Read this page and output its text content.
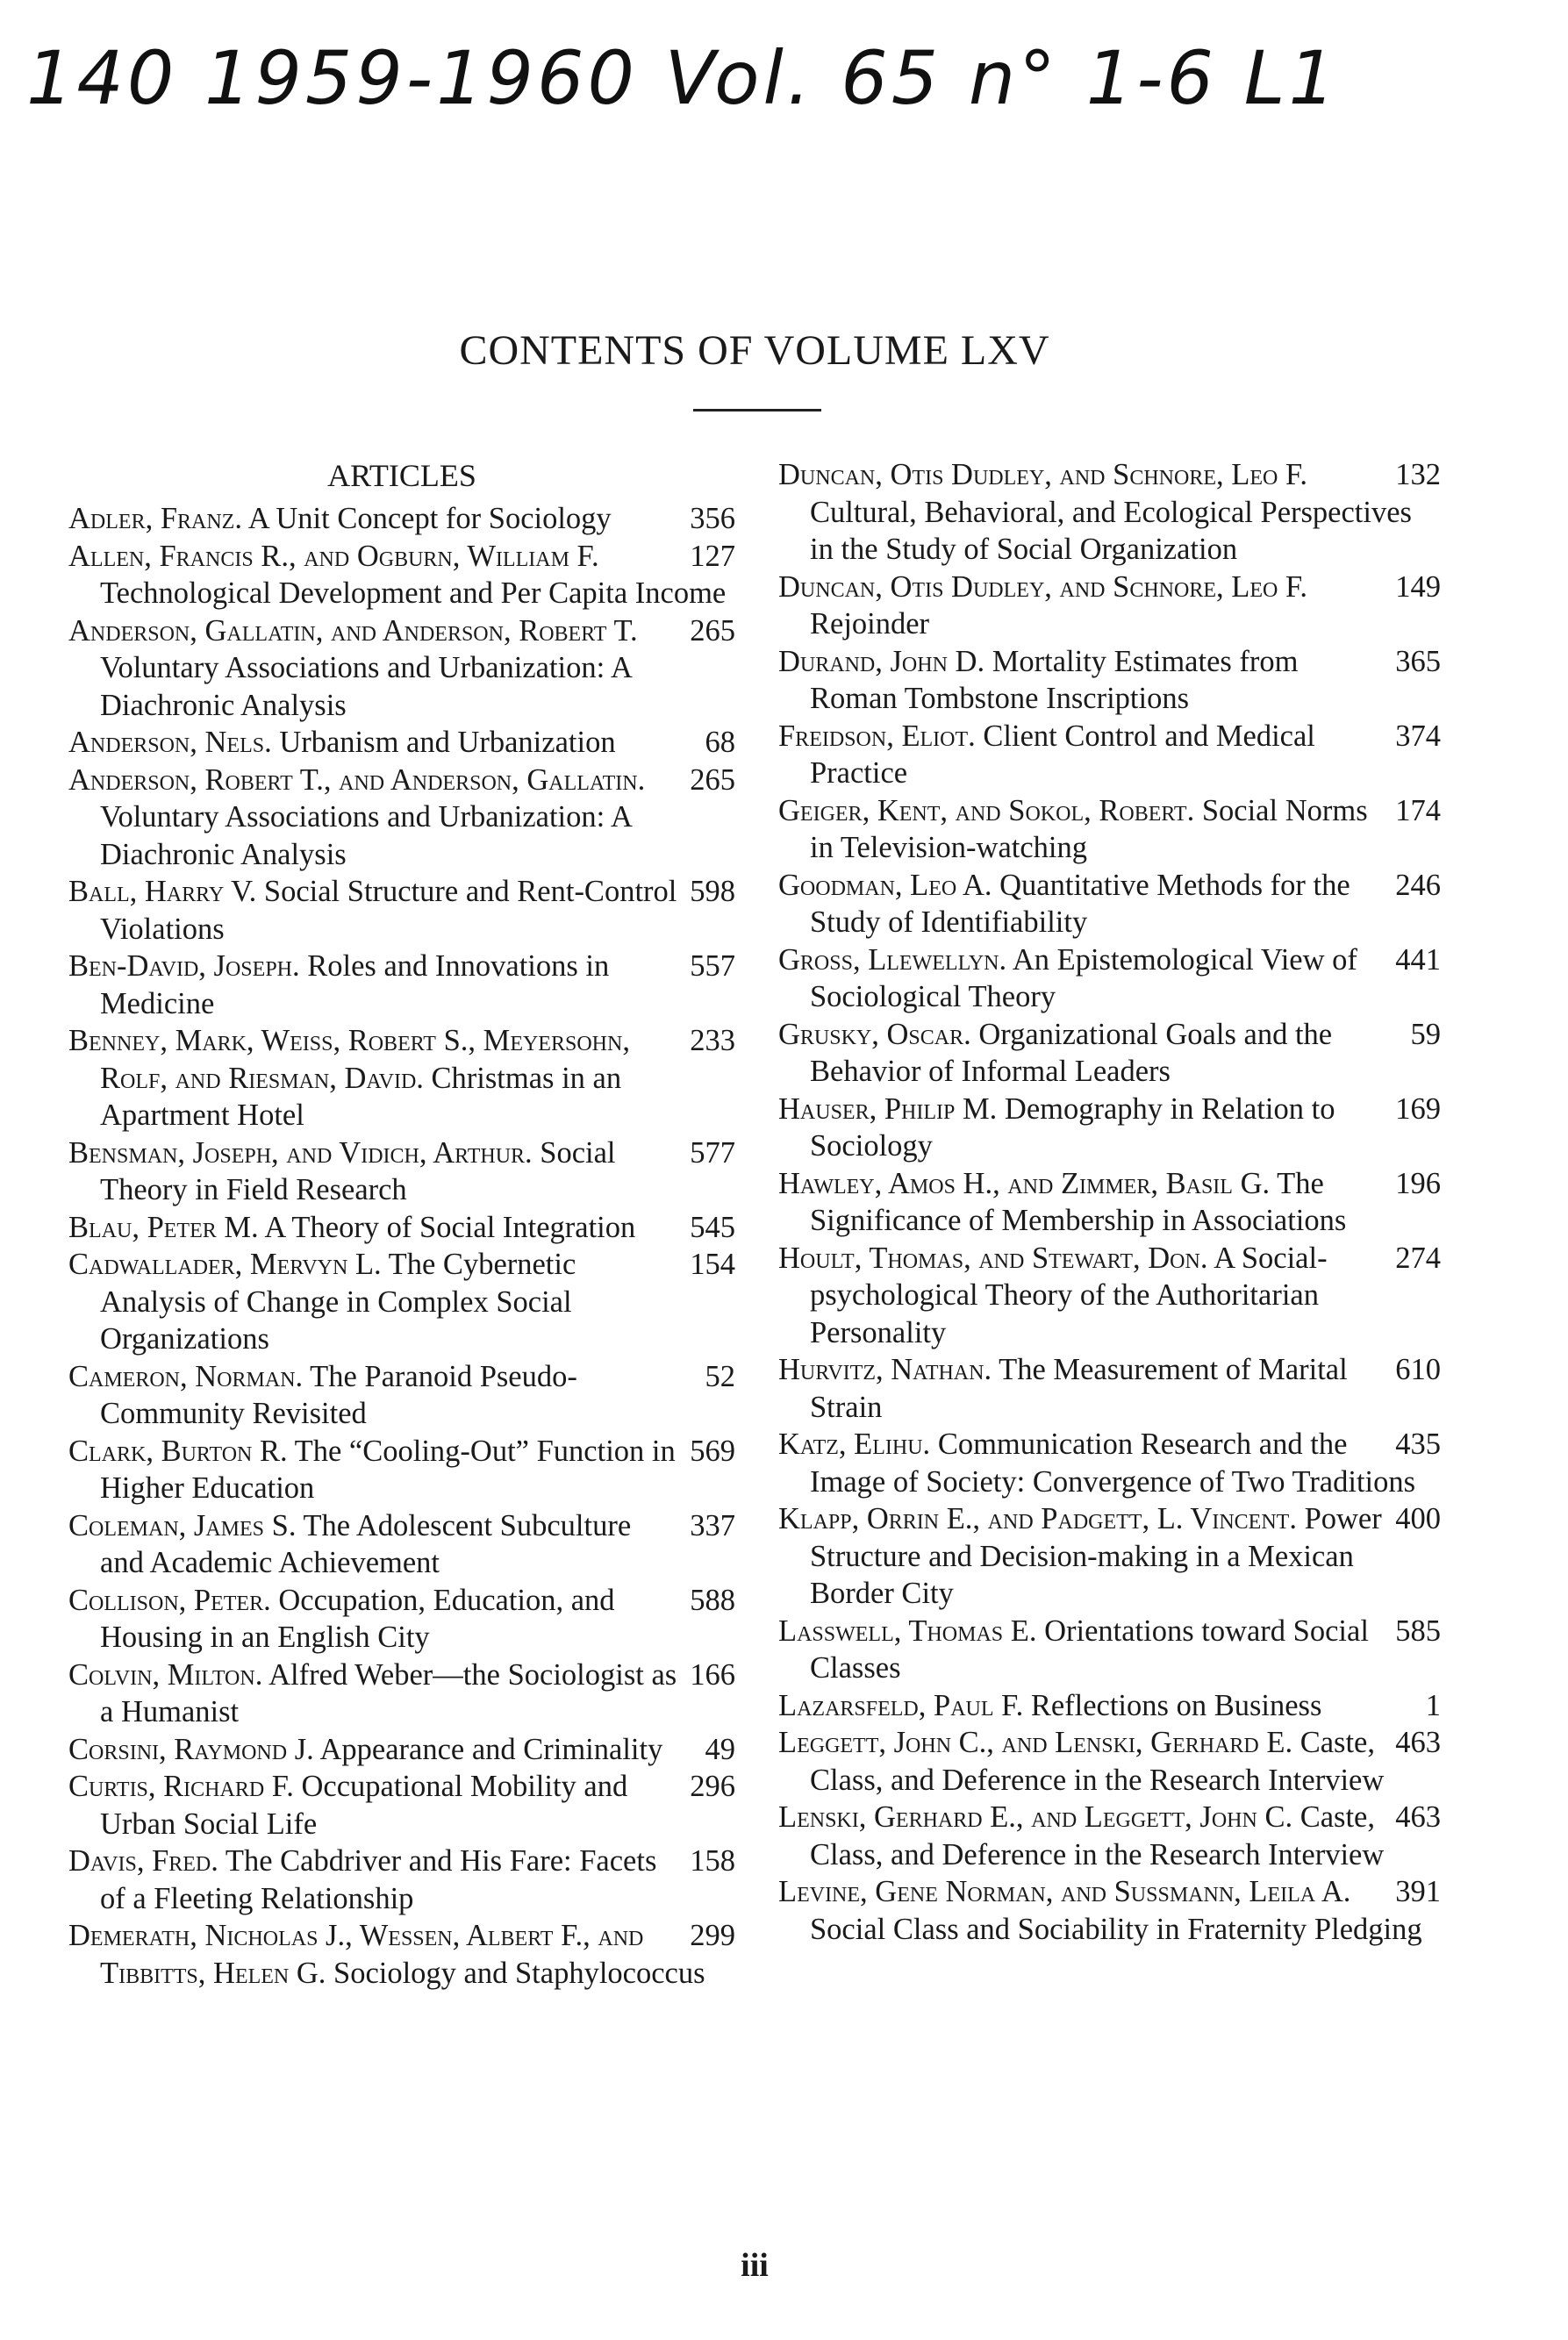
140 1959-1960 Vol. 65 n° 1-6 L1
CONTENTS OF VOLUME LXV
ARTICLES

356
Adler, Franz. A Unit Concept for Sociology

127
Allen, Francis R., and Ogburn, William F. Technological Development and Per Capita Income

265
Anderson, Gallatin, and Anderson, Robert T. Voluntary Associations and Urbanization: A Diachronic Analysis

68
Anderson, Nels. Urbanism and Urbanization

265
Anderson, Robert T., and Anderson, Gallatin. Voluntary Associations and Urbanization: A Diachronic Analysis

598
Ball, Harry V. Social Structure and Rent-Control Violations

557
Ben-David, Joseph. Roles and Innovations in Medicine

233
Benney, Mark, Weiss, Robert S., Meyersohn, Rolf, and Riesman, David. Christmas in an Apartment Hotel

577
Bensman, Joseph, and Vidich, Arthur. Social Theory in Field Research

545
Blau, Peter M. A Theory of Social Integration

154
Cadwallader, Mervyn L. The Cybernetic Analysis of Change in Complex Social Organizations

52
Cameron, Norman. The Paranoid Pseudo-Community Revisited

569
Clark, Burton R. The “Cooling-Out” Function in Higher Education

337
Coleman, James S. The Adolescent Subculture and Academic Achievement

588
Collison, Peter. Occupation, Education, and Housing in an English City

166
Colvin, Milton. Alfred Weber—the Sociologist as a Humanist

49
Corsini, Raymond J. Appearance and Criminality

296
Curtis, Richard F. Occupational Mobility and Urban Social Life

158
Davis, Fred. The Cabdriver and His Fare: Facets of a Fleeting Relationship

299
Demerath, Nicholas J., Wessen, Albert F., and Tibbitts, Helen G. Sociology and Staphylococcus

132
Duncan, Otis Dudley, and Schnore, Leo F. Cultural, Behavioral, and Ecological Perspectives in the Study of Social Organization

149
Duncan, Otis Dudley, and Schnore, Leo F. Rejoinder

365
Durand, John D. Mortality Estimates from Roman Tombstone Inscriptions

374
Freidson, Eliot. Client Control and Medical Practice

174
Geiger, Kent, and Sokol, Robert. Social Norms in Television-watching

246
Goodman, Leo A. Quantitative Methods for the Study of Identifiability

441
Gross, Llewellyn. An Epistemological View of Sociological Theory

59
Grusky, Oscar. Organizational Goals and the Behavior of Informal Leaders

169
Hauser, Philip M. Demography in Relation to Sociology

196
Hawley, Amos H., and Zimmer, Basil G. The Significance of Membership in Associations

274
Hoult, Thomas, and Stewart, Don. A Social-psychological Theory of the Authoritarian Personality

610
Hurvitz, Nathan. The Measurement of Marital Strain

435
Katz, Elihu. Communication Research and the Image of Society: Convergence of Two Traditions

400
Klapp, Orrin E., and Padgett, L. Vincent. Power Structure and Decision-making in a Mexican Border City

585
Lasswell, Thomas E. Orientations toward Social Classes

1
Lazarsfeld, Paul F. Reflections on Business

463
Leggett, John C., and Lenski, Gerhard E. Caste, Class, and Deference in the Research Interview

463
Lenski, Gerhard E., and Leggett, John C. Caste, Class, and Deference in the Research Interview

391
Levine, Gene Norman, and Sussmann, Leila A. Social Class and Sociability in Fraternity Pledging

iii
